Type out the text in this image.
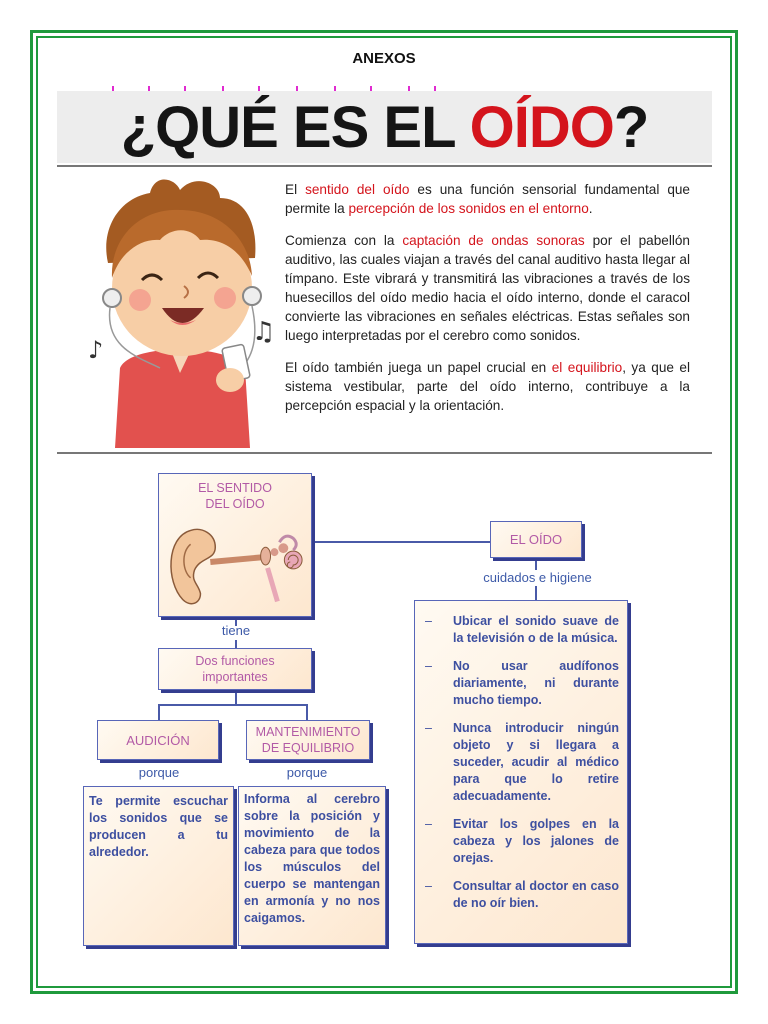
ANEXOS
¿QUÉ ES EL OÍDO?
♫
♪

El sentido del oído es una función sensorial fundamental que permite la percepción de los sonidos en el entorno.

Comienza con la captación de ondas sonoras por el pabellón auditivo, las cuales viajan a través del canal auditivo hasta llegar al tímpano. Este vibrará y transmitirá las vibraciones a través de los huesecillos del oído medio hacia el oído interno, donde el caracol convierte las vibraciones en señales eléctricas. Estas señales son luego interpretadas por el cerebro como sonidos.

El oído también juega un papel crucial en el equilibrio, ya que el sistema vestibular, parte del oído interno, contribuye a la percepción espacial y la orientación.

EL SENTIDO
DEL OÍDO
tiene
Dos funciones
importantes
AUDICIÓN
porque
Te permite escuchar los sonidos que se producen a tu alrededor.
MANTENIMIENTO
DE EQUILIBRIO
porque
Informa al cerebro sobre la posición y movimiento de la cabeza para que todos los músculos del cuerpo se mantengan en armonía y no nos caigamos.
EL OÍDO
cuidados e higiene
– Ubicar el sonido suave de la televisión o de la música.
– No usar audífonos diariamente, ni durante mucho tiempo.
– Nunca introducir ningún objeto y si llegara a suceder, acudir al médico para que lo retire adecuadamente.
– Evitar los golpes en la cabeza y los jalones de orejas.
– Consultar al doctor en caso de no oír bien.
